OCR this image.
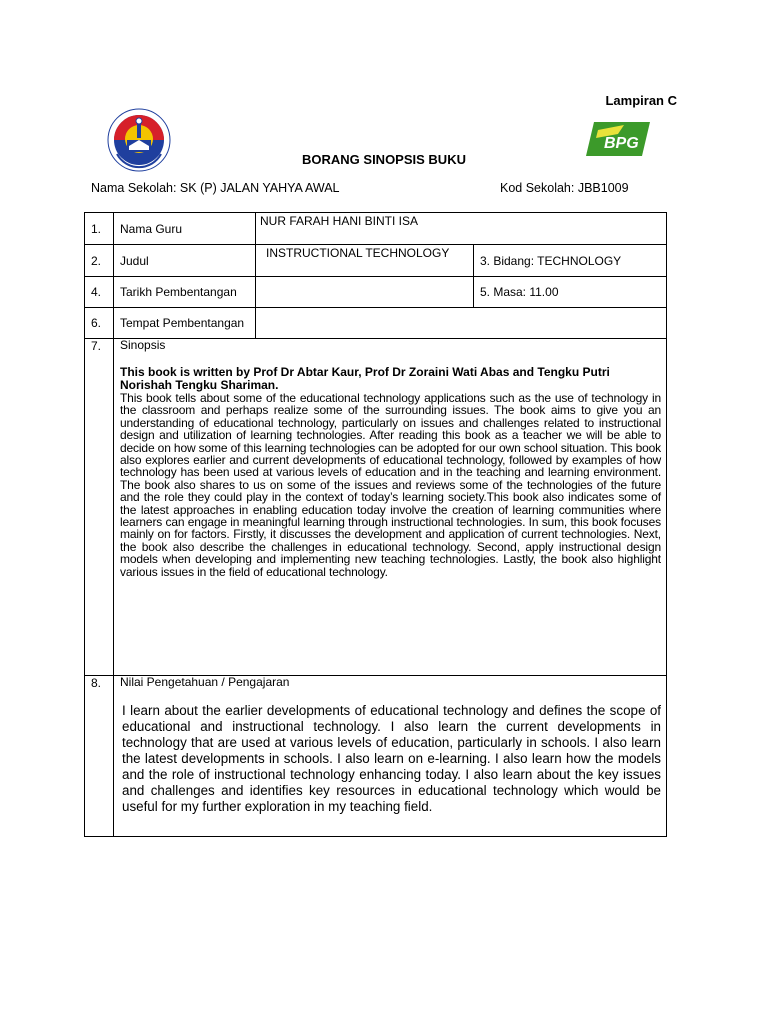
Lampiran C
BPG
BORANG SINOPSIS BUKU
Nama Sekolah: SK (P) JALAN YAHYA AWAL	Kod Sekolah: JBB1009
1.	Nama Guru	NUR FARAH HANI BINTI ISA	
2.	Judul	INSTRUCTIONAL TECHNOLOGY	3. Bidang: TECHNOLOGY
4.	Tarikh Pembentangan		5. Masa: 11.00
6.	Tempat Pembentangan		
7.	Sinopsis
This book is written by Prof Dr Abtar Kaur, Prof Dr Zoraini Wati Abas and Tengku Putri Norishah Tengku Shariman.
This book tells about some of the educational technology applications such as the use of technology in the classroom and perhaps realize some of the surrounding issues. The book aims to give you an understanding of educational technology, particularly on issues and challenges related to instructional design and utilization of learning technologies. After reading this book as a teacher we will be able to decide on how some of this learning technologies can be adopted for our own school situation. This book also explores earlier and current developments of educational technology, followed by examples of how technology has been used at various levels of education and in the teaching and learning environment. The book also shares to us on some of the issues and reviews some of the technologies of the future and the role they could play in the context of today’s learning society.This book also indicates some of the latest approaches in enabling education today involve the creation of learning communities where learners can engage in meaningful learning through instructional technologies. In sum, this book focuses mainly on for factors. Firstly, it discusses the development and application of current technologies. Next, the book also describe the challenges in educational technology. Second, apply instructional design models when developing and implementing new teaching technologies. Lastly, the book also highlight various issues in the field of educational technology.		

8.	Nilai Pengetahuan / Pengajaran
I learn about the earlier developments of educational technology and defines the scope of educational and instructional technology. I also learn the current developments in technology that are used at various levels of education, particularly in schools. I also learn the latest developments in schools. I also learn on e-learning. I also learn how the models and the role of instructional technology enhancing today. I also learn about the key issues and challenges and identifies key resources in educational technology which would be useful for my further exploration in my teaching field.		
